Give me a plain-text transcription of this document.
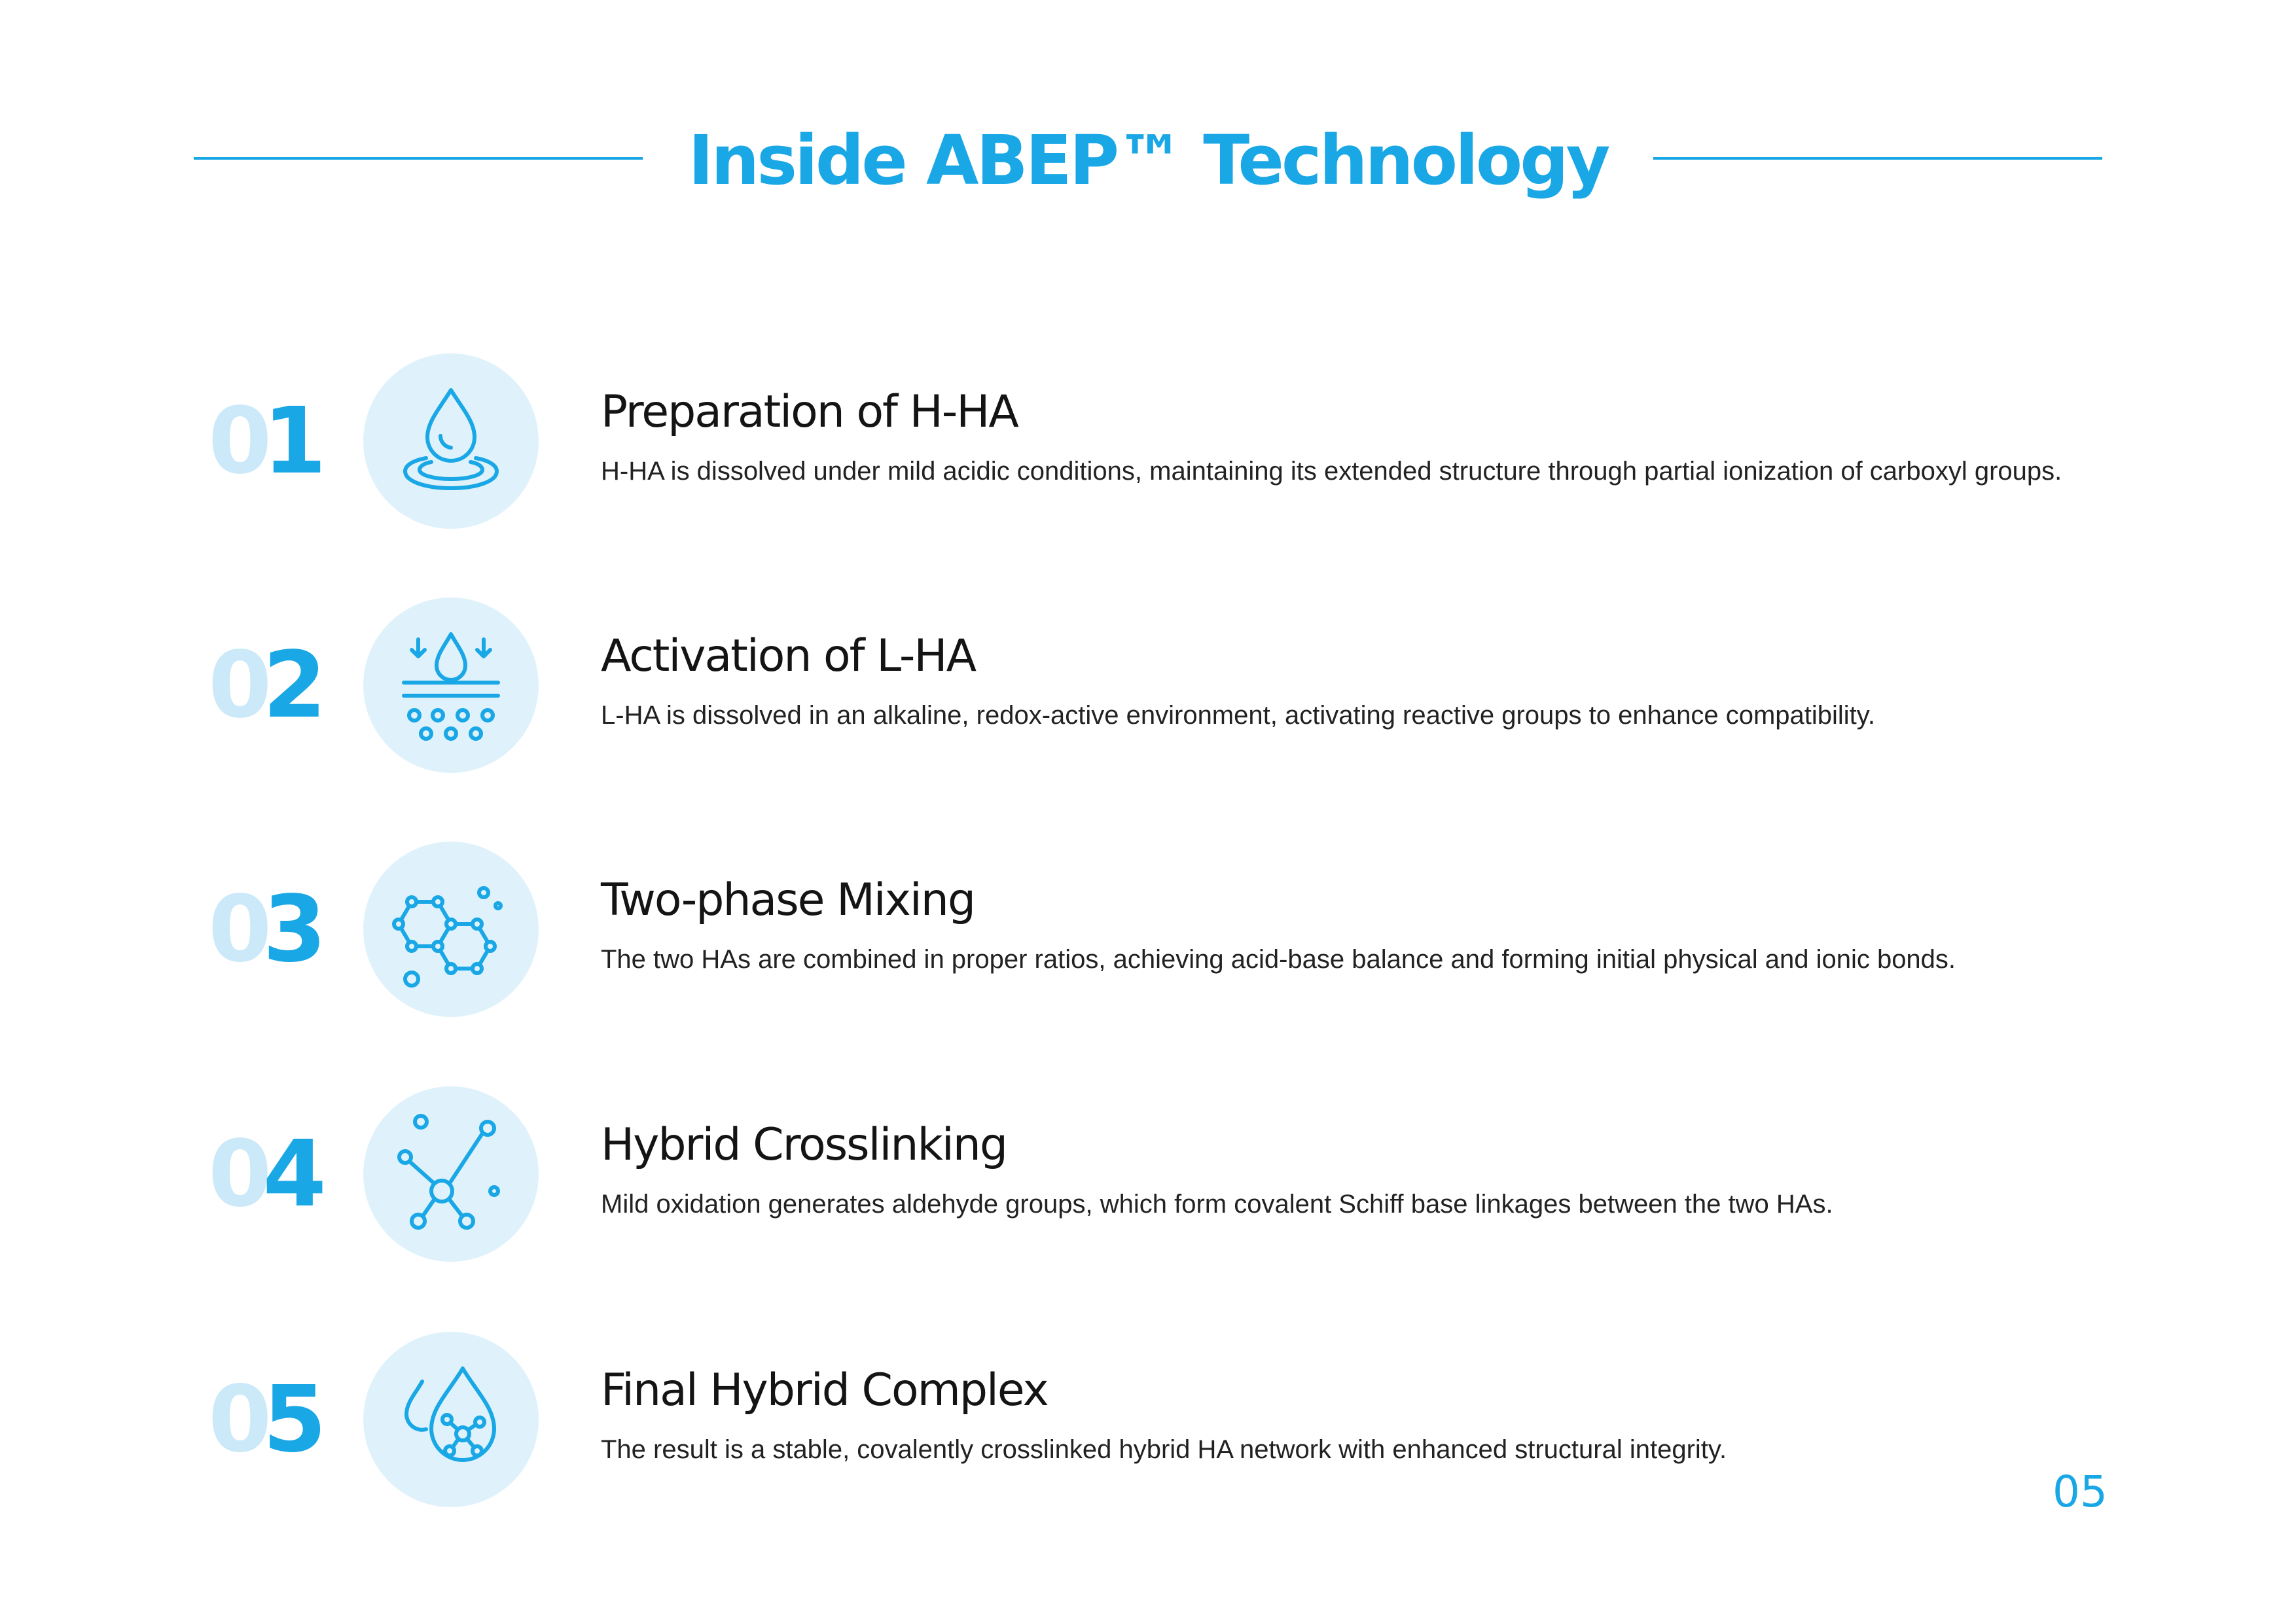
Inside ABEP™ Technology
01	Preparation of H-HA
H-HA is dissolved under mild acidic conditions, maintaining its extended structure through partial ionization of carboxyl groups.
02	Activation of L-HA
L-HA is dissolved in an alkaline, redox-active environment, activating reactive groups to enhance compatibility.
03	Two-phase Mixing
The two HAs are combined in proper ratios, achieving acid-base balance and forming initial physical and ionic bonds.
04	Hybrid Crosslinking
Mild oxidation generates aldehyde groups, which form covalent Schiff base linkages between the two HAs.
05	Final Hybrid Complex
The result is a stable, covalently crosslinked hybrid HA network with enhanced structural integrity.
05
